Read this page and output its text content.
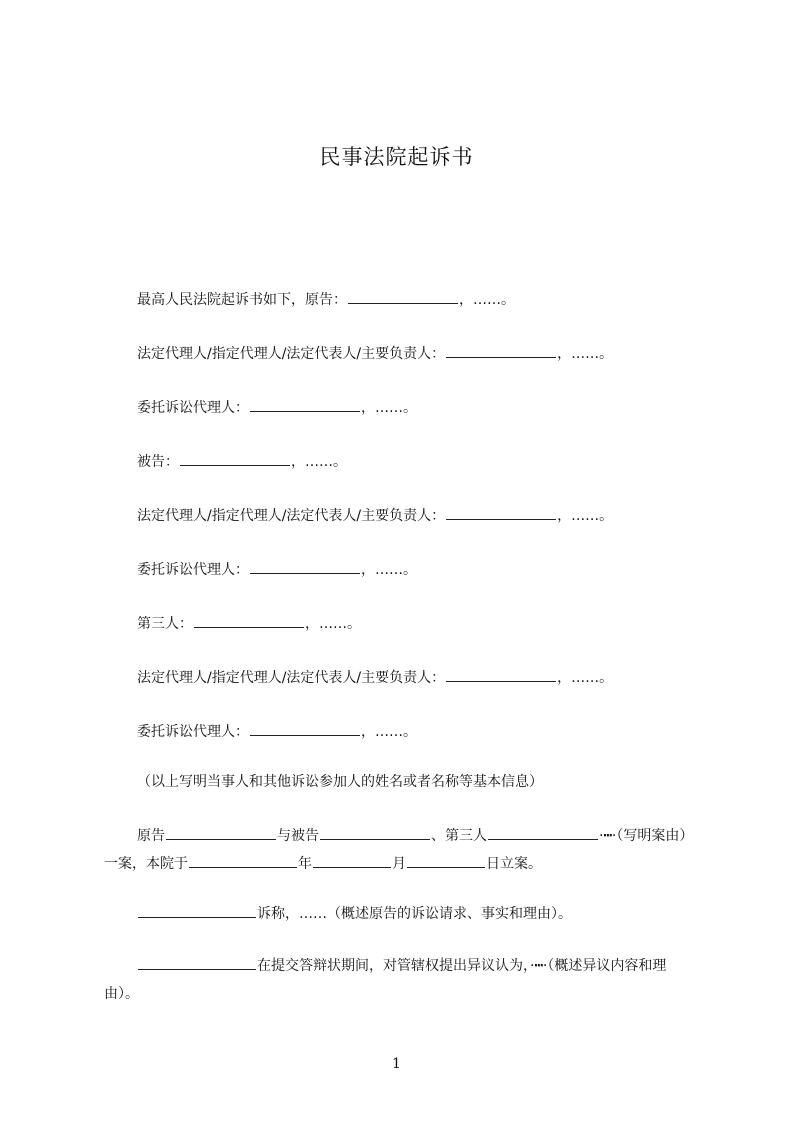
民事法院起诉书
最高人民法院起诉书如下，原告：	，……。
法定代理人/指定代理人/法定代表人/主要负责人：	，……。
委托诉讼代理人：	，……。
被告：	，……。
法定代理人/指定代理人/法定代表人/主要负责人：	，……。
委托诉讼代理人：	，……。
第三人：	，……。
法定代理人/指定代理人/法定代表人/主要负责人：	，……。
委托诉讼代理人：	，……。
（以上写明当事人和其他诉讼参加人的姓名或者名称等基本信息）
原告	与被告	、第三人	·┅·（写明案由）一案，本院于	年	月	日立案。
诉称，……（概述原告的诉讼请求、事实和理由）。
在提交答辩状期间，对管辖权提出异议认为，·┅·（概述异议内容和理由）。
1
